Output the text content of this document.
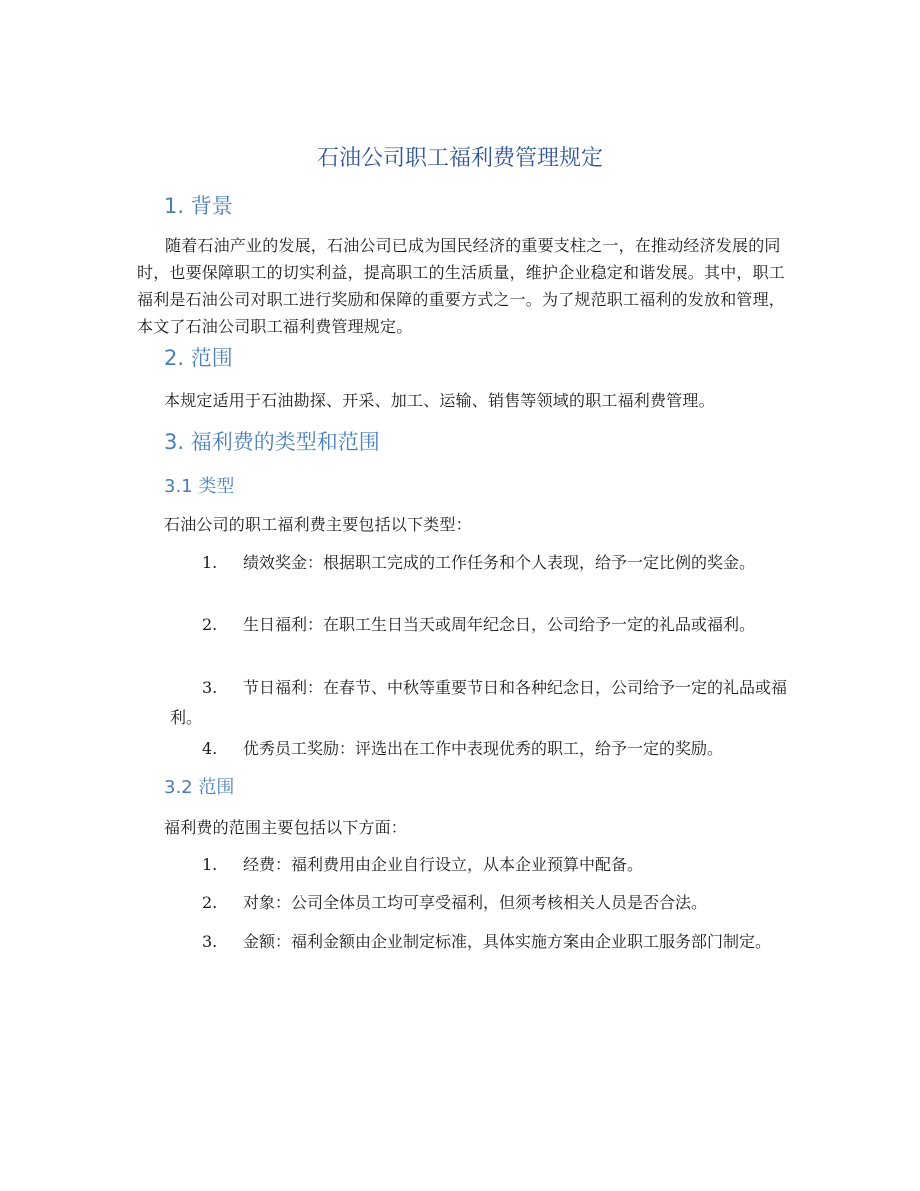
石油公司职工福利费管理规定
1. 背景

随着石油产业的发展，石油公司已成为国民经济的重要支柱之一，在推动经济发展的同时，也要保障职工的切实利益，提高职工的生活质量，维护企业稳定和谐发展。其中，职工福利是石油公司对职工进行奖励和保障的重要方式之一。为了规范职工福利的发放和管理，本文了石油公司职工福利费管理规定。

2. 范围

本规定适用于石油勘探、开采、加工、运输、销售等领域的职工福利费管理。

3. 福利费的类型和范围
3.1 类型

石油公司的职工福利费主要包括以下类型：

1. 绩效奖金：根据职工完成的工作任务和个人表现，给予一定比例的奖金。

2. 生日福利：在职工生日当天或周年纪念日，公司给予一定的礼品或福利。

3. 节日福利：在春节、中秋等重要节日和各种纪念日，公司给予一定的礼品或福利。

4. 优秀员工奖励：评选出在工作中表现优秀的职工，给予一定的奖励。

3.2 范围

福利费的范围主要包括以下方面：

1. 经费：福利费用由企业自行设立，从本企业预算中配备。

2. 对象：公司全体员工均可享受福利，但须考核相关人员是否合法。

3. 金额：福利金额由企业制定标准，具体实施方案由企业职工服务部门制定。
